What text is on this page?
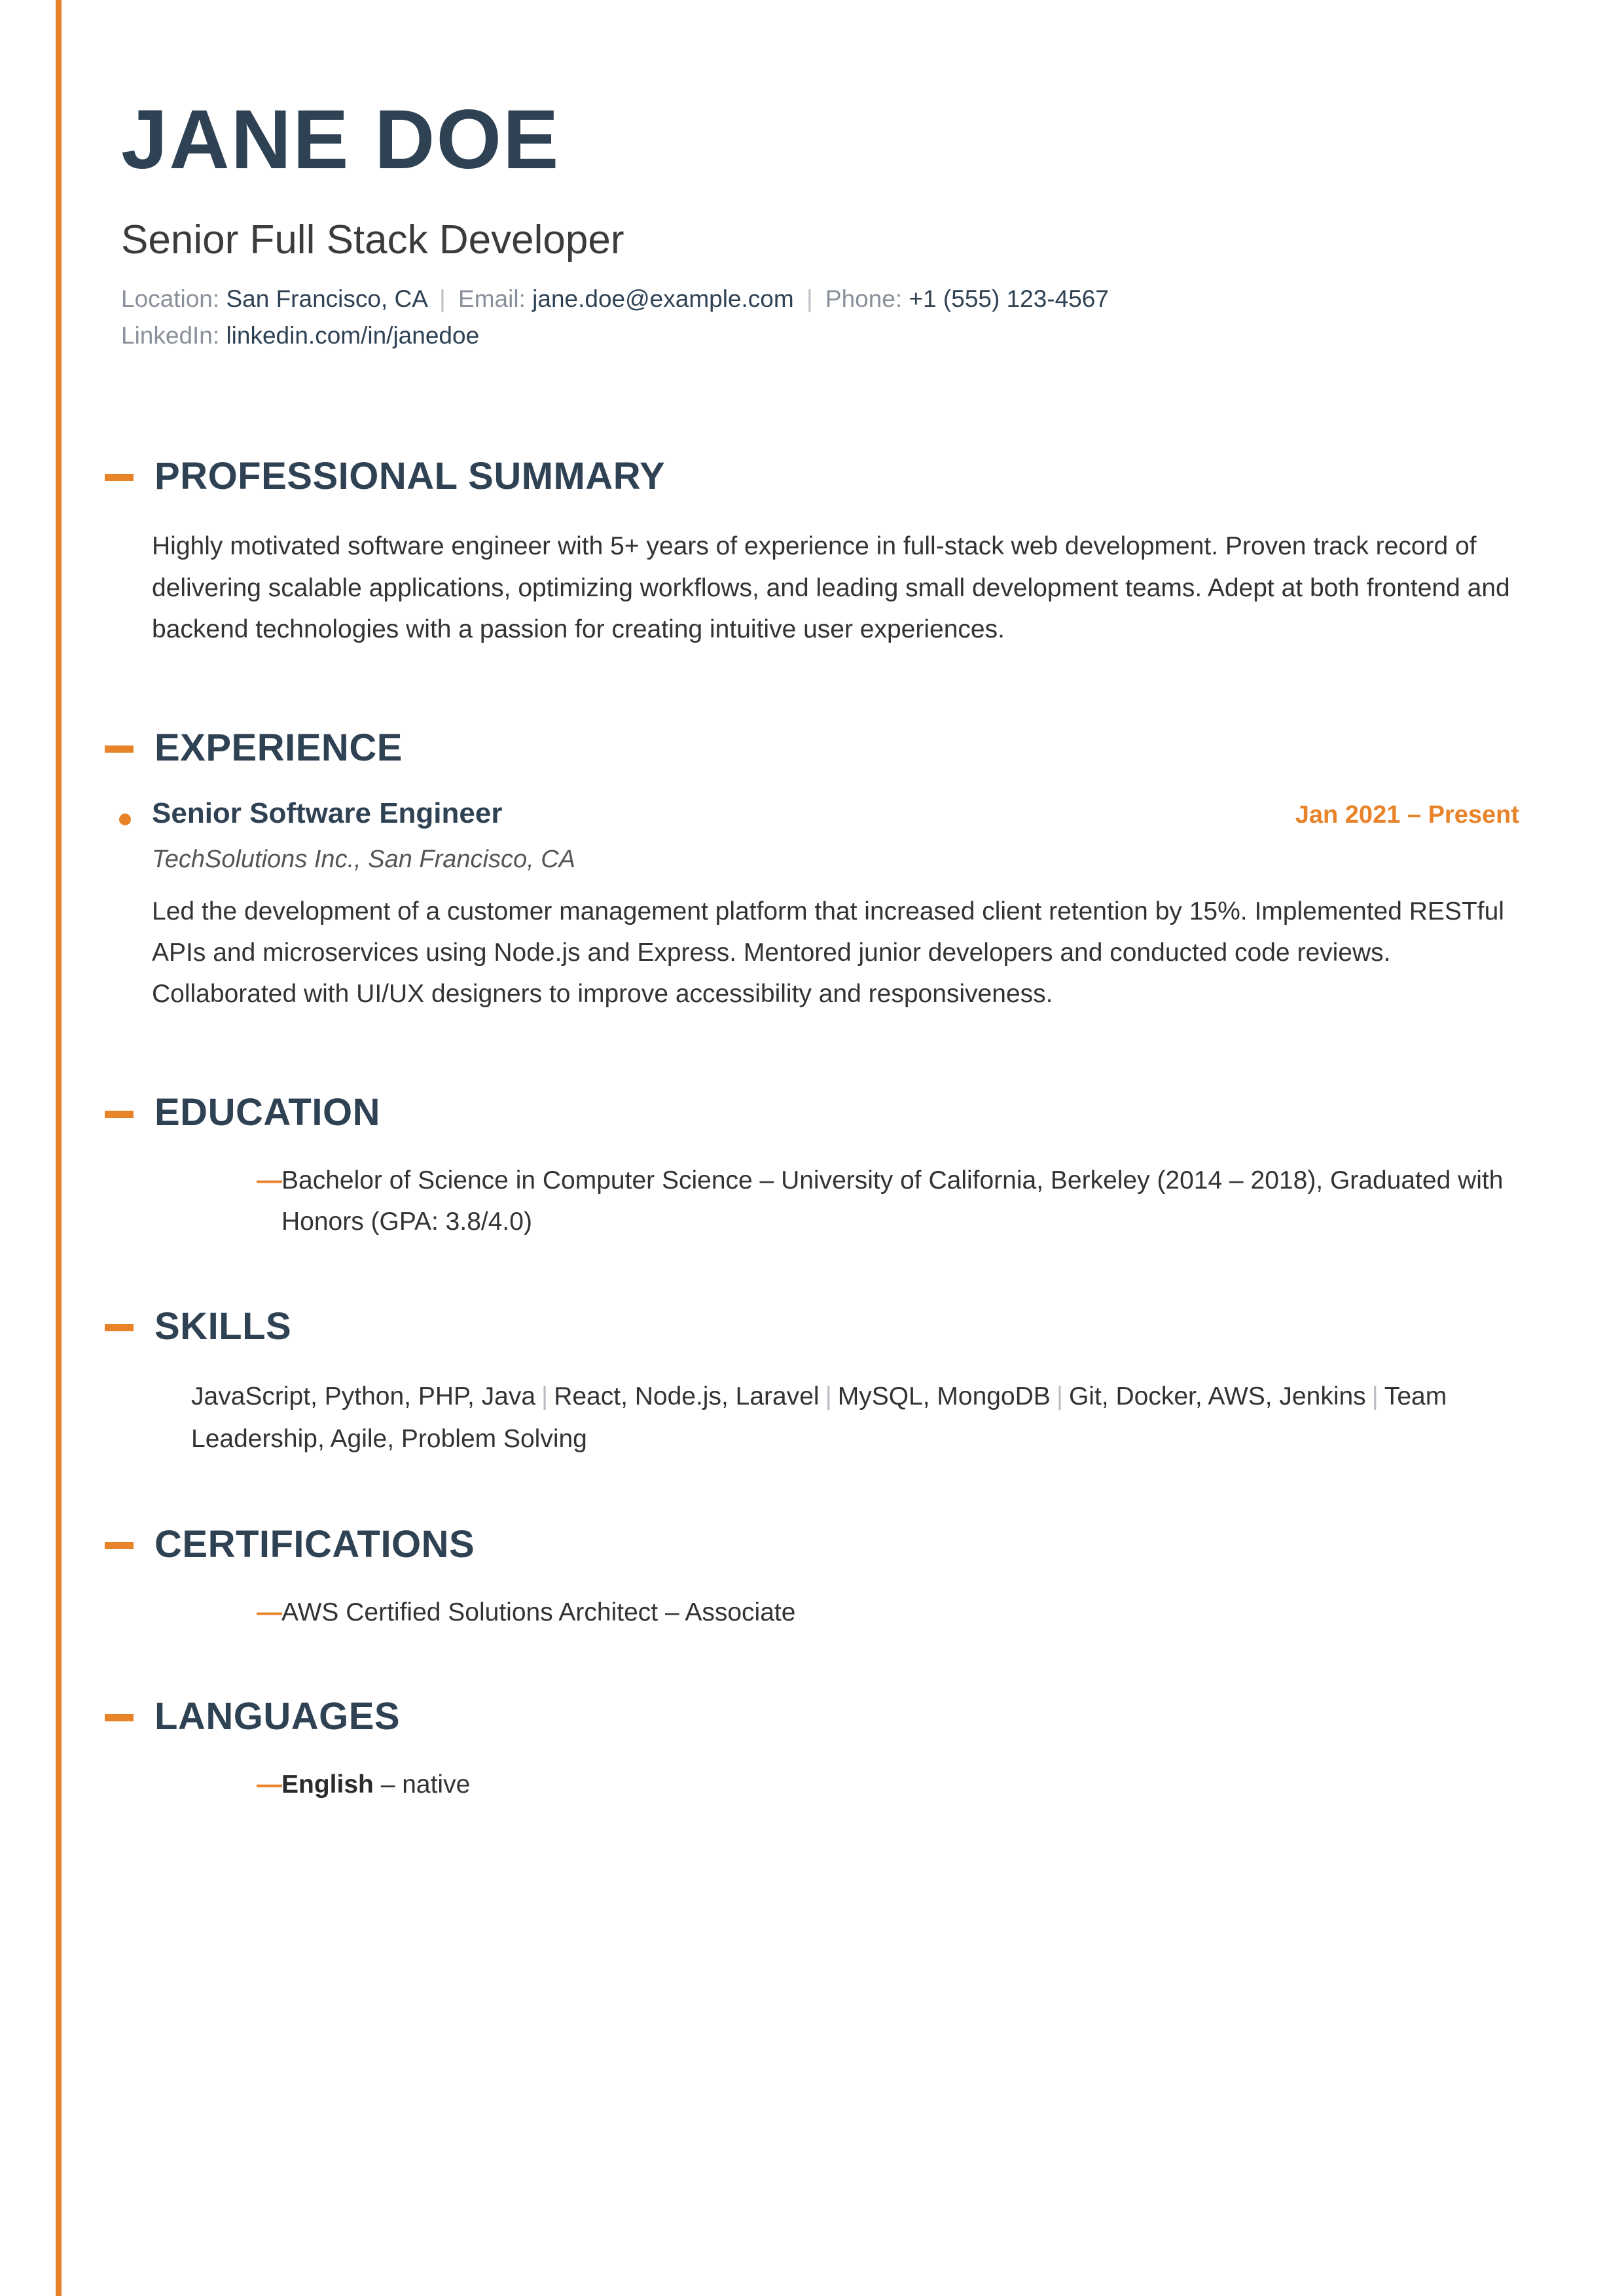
JANE DOE
Senior Full Stack Developer
Location: San Francisco, CA | Email: jane.doe@example.com | Phone: +1 (555) 123-4567
LinkedIn: linkedin.com/in/janedoe
PROFESSIONAL SUMMARY

Highly motivated software engineer with 5+ years of experience in full-stack web development. Proven track record of delivering scalable applications, optimizing workflows, and leading small development teams. Adept at both frontend and backend technologies with a passion for creating intuitive user experiences.

EXPERIENCE
Senior Software Engineer	Jan 2021 – Present
TechSolutions Inc., San Francisco, CA

Led the development of a customer management platform that increased client retention by 15%. Implemented RESTful APIs and microservices using Node.js and Express. Mentored junior developers and conducted code reviews. Collaborated with UI/UX designers to improve accessibility and responsiveness.

EDUCATION
— Bachelor of Science in Computer Science – University of California, Berkeley (2014 – 2018), Graduated with Honors (GPA: 3.8/4.0)
SKILLS
JavaScript, Python, PHP, Java | React, Node.js, Laravel | MySQL, MongoDB | Git, Docker, AWS, Jenkins | Team Leadership, Agile, Problem Solving
CERTIFICATIONS
— AWS Certified Solutions Architect – Associate
LANGUAGES
— English – native
